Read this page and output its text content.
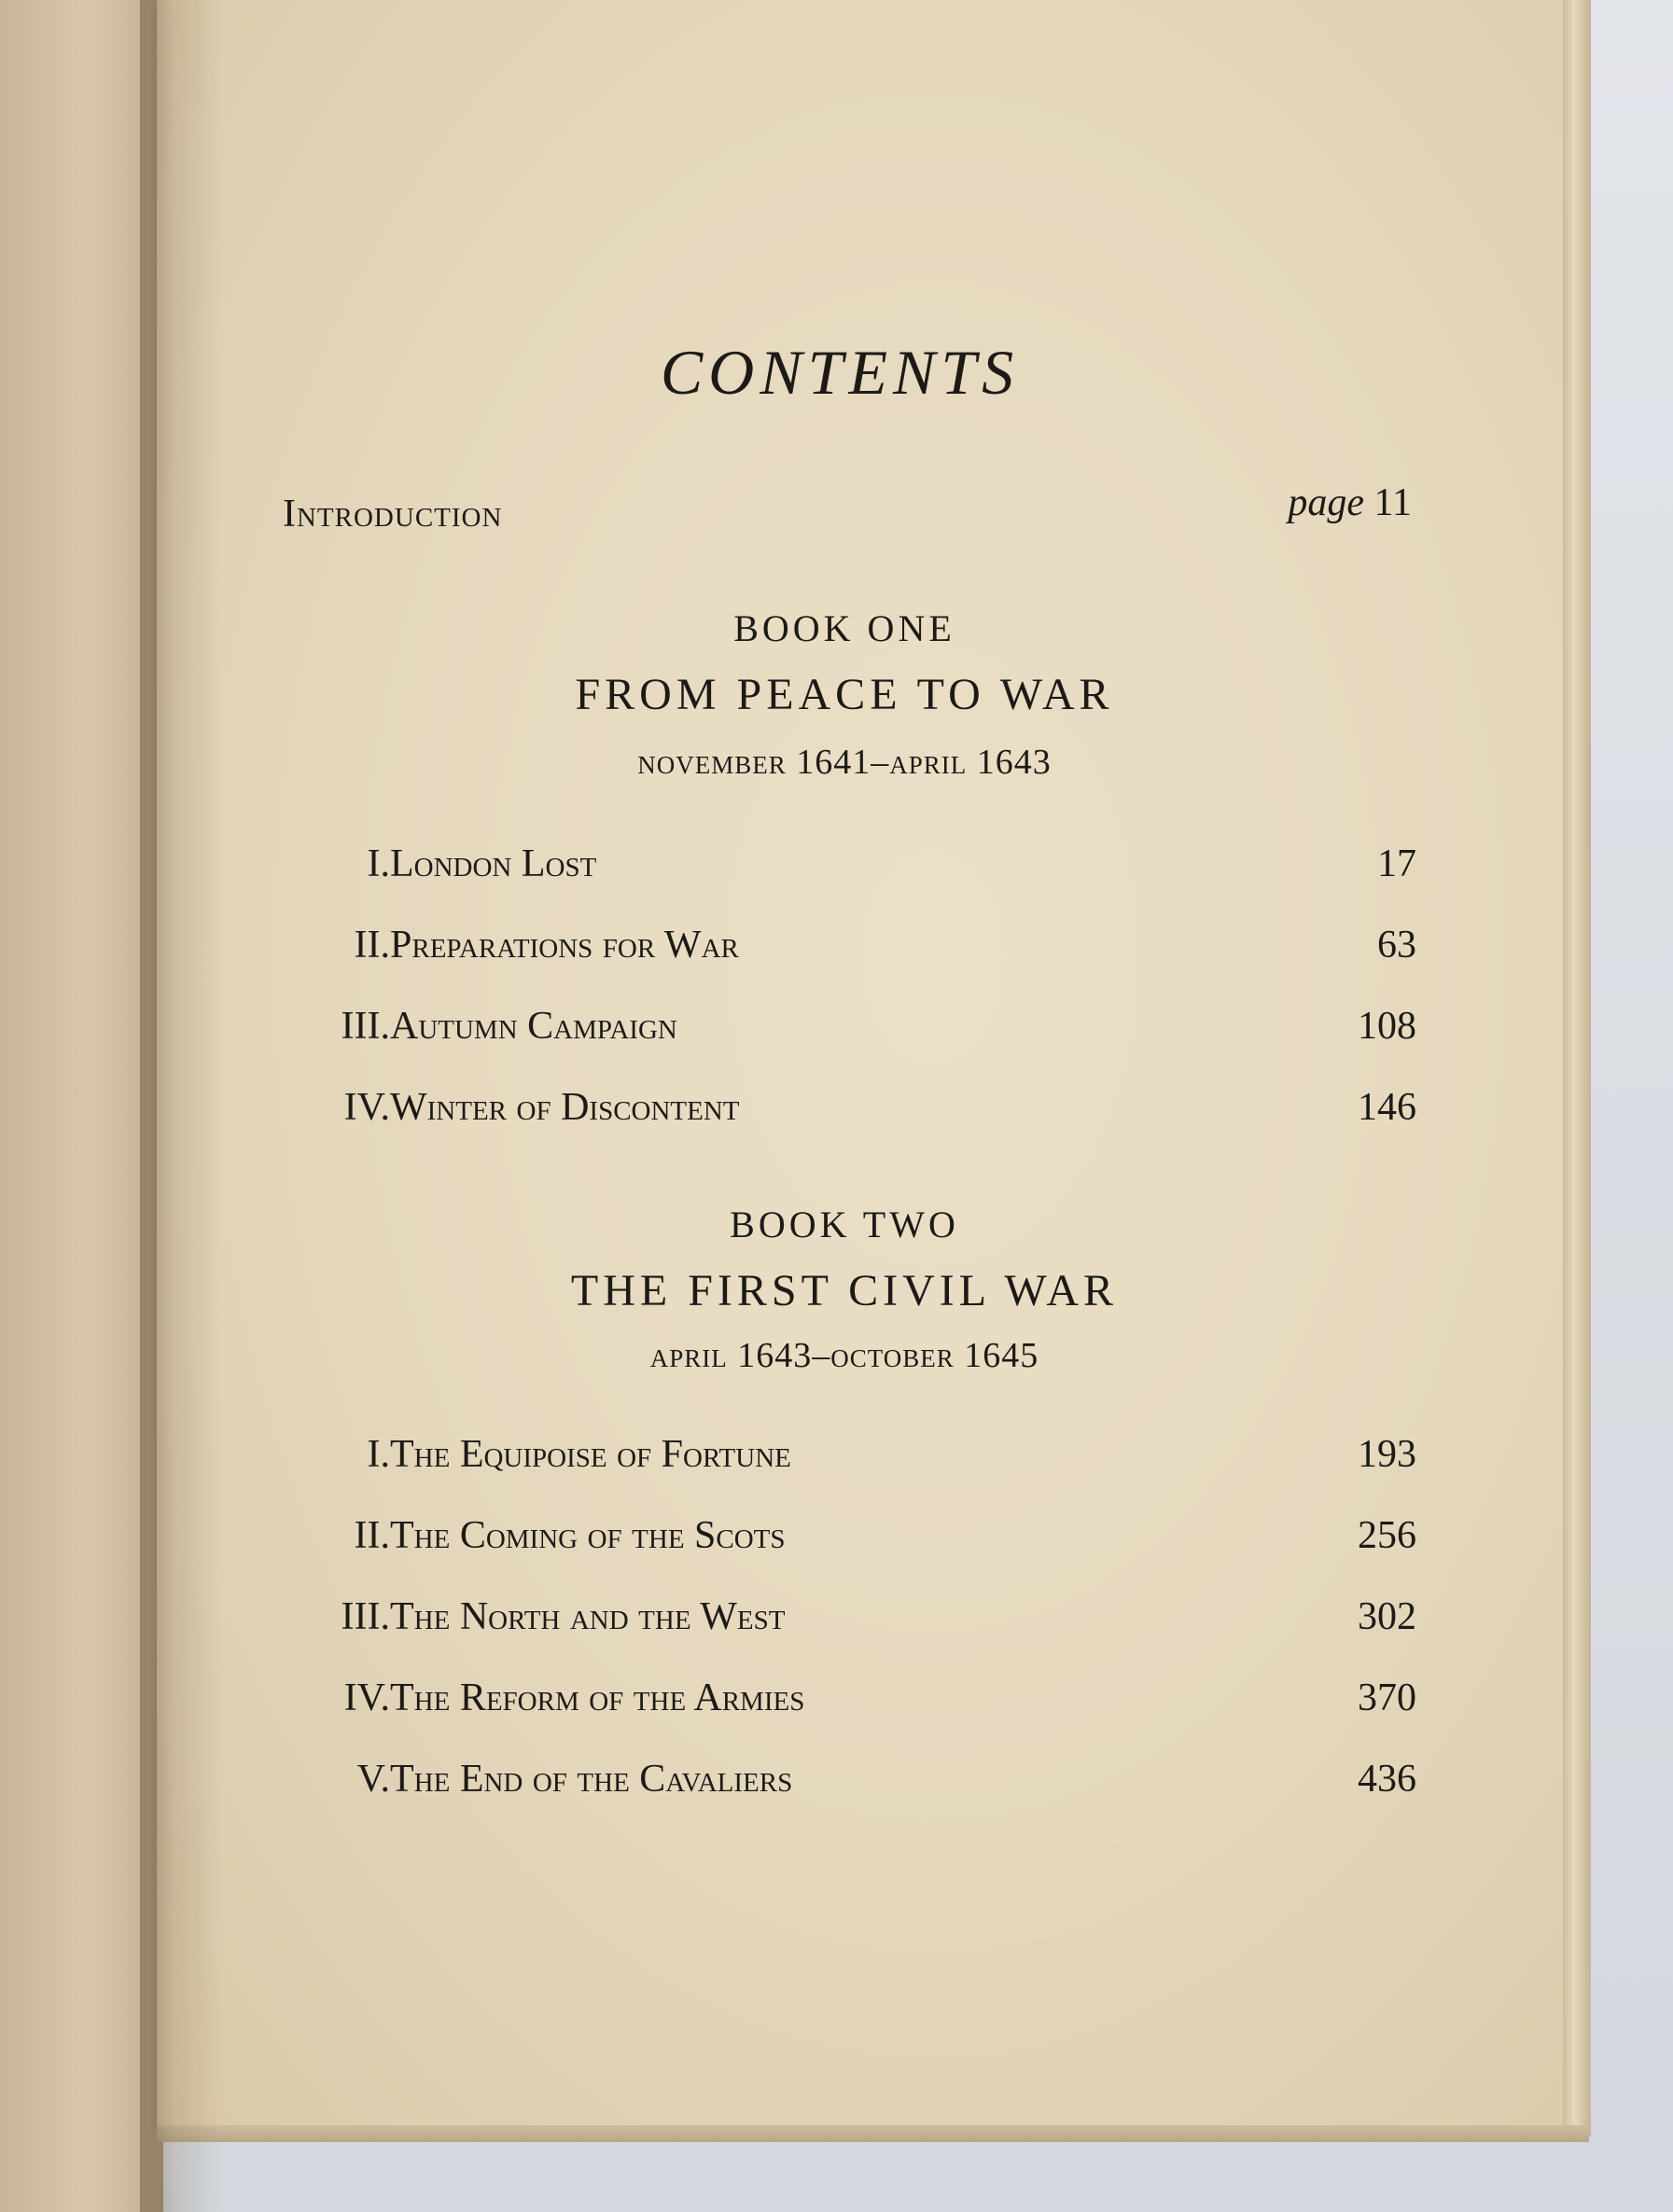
CONTENTS
Introduction	page 11
BOOK ONE
FROM PEACE TO WAR
november 1641–april 1643
I. London Lost	17
II. Preparations for War	63
III. Autumn Campaign	108
IV. Winter of Discontent	146
BOOK TWO
THE FIRST CIVIL WAR
april 1643–october 1645
I. The Equipoise of Fortune	193
II. The Coming of the Scots	256
III. The North and the West	302
IV. The Reform of the Armies	370
V. The End of the Cavaliers	436
